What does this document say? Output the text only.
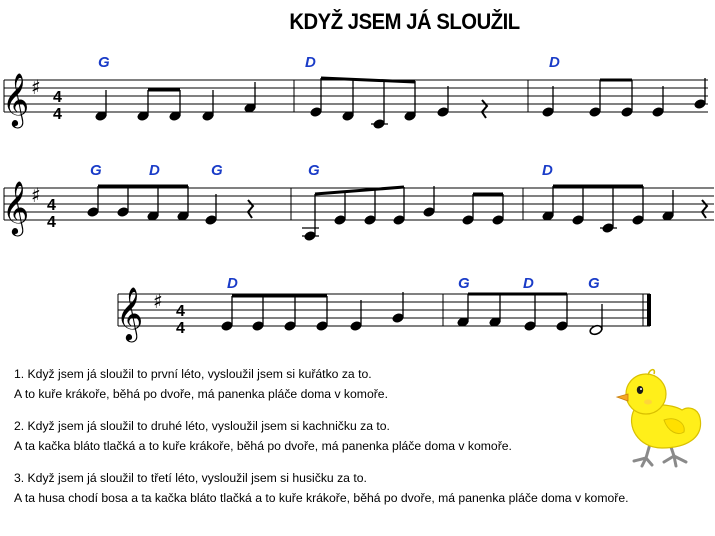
KDYŽ JSEM JÁ SLOUŽIL
𝄞 ♯ 4
4
G	D	D
𝄞 ♯ 4
4
G	D	G	G	D
𝄞 ♯ 4
4
D	G	D	G
1. Když jsem já sloužil to první léto, vysloužil jsem si kuřátko za to.
A to kuře krákoře, běhá po dvoře, má panenka pláče doma v komoře.
2. Když jsem já sloužil to druhé léto, vysloužil jsem si kachničku za to.
A ta kačka bláto tlačká a to kuře krákoře, běhá po dvoře, má panenka pláče doma v komoře.
3. Když jsem já sloužil to třetí léto, vysloužil jsem si husičku za to.
A ta husa chodí bosa a ta kačka bláto tlačká a to kuře krákoře, běhá po dvoře, má panenka pláče doma v komoře.
